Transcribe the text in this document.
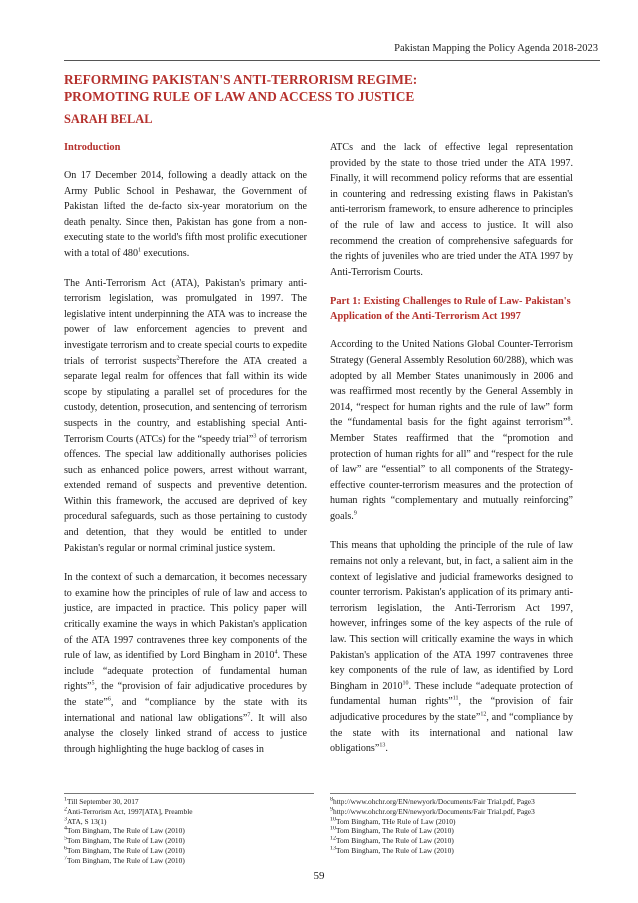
Pakistan Mapping the Policy Agenda 2018-2023
REFORMING PAKISTAN'S ANTI-TERRORISM REGIME:
PROMOTING RULE OF LAW AND ACCESS TO JUSTICE
SARAH BELAL
Introduction

On 17 December 2014, following a deadly attack on the Army Public School in Peshawar, the Government of Pakistan lifted the de-facto six-year moratorium on the death penalty. Since then, Pakistan has gone from a non-executing state to the world's fifth most prolific executioner with a total of $480^1$ executions.

The Anti-Terrorism Act (ATA), Pakistan's primary anti-terrorism legislation, was promulgated in 1997. The legislative intent underpinning the ATA was to increase the power of law enforcement agencies to prevent and investigate terrorism and to create special courts to expedite trials of terrorist suspects$^2$Therefore the ATA created a separate legal realm for offences that fall within its wide scope by stipulating a parallel set of procedures for the custody, detention, prosecution, and sentencing of terrorism suspects in the country, and establishing special Anti-Terrorism Courts (ATCs) for the “speedy trial”$^3$ of terrorism offences. The special law additionally authorises policies such as enhanced police powers, arrest without warrant, extended remand of suspects and preventive detention. Within this framework, the accused are deprived of key procedural safeguards, such as those pertaining to custody and detention, that they would be entitled to under Pakistan's regular or normal criminal justice system.

In the context of such a demarcation, it becomes necessary to examine how the principles of rule of law and access to justice, are impacted in practice. This policy paper will critically examine the ways in which Pakistan's application of the ATA 1997 contravenes three key components of the rule of law, as identified by Lord Bingham in 2010$^4$. These include “adequate protection of fundamental human rights”$^5$, the “provision of fair adjudicative procedures by the state”$^6$, and “compliance by the state with its international and national law obligations”$^7$. It will also analyse the closely linked strand of access to justice through highlighting the huge backlog of cases in

ATCs and the lack of effective legal representation provided by the state to those tried under the ATA 1997. Finally, it will recommend policy reforms that are essential in countering and redressing existing flaws in Pakistan's anti-terrorism framework, to ensure adherence to principles of the rule of law and access to justice. It will also recommend the creation of comprehensive safeguards for the rights of juveniles who are tried under the ATA 1997 by Anti-Terrorism Courts.

Part 1: Existing Challenges to Rule of Law- Pakistan's Application of the Anti-Terrorism Act 1997

According to the United Nations Global Counter-Terrorism Strategy (General Assembly Resolution 60/288), which was adopted by all Member States unanimously in 2006 and was reaffirmed most recently by the General Assembly in 2014, “respect for human rights and the rule of law” form the “fundamental basis for the fight against terrorism”$^8$. Member States reaffirmed that the “promotion and protection of human rights for all” and “respect for the rule of law” are “essential” to all components of the Strategy- effective counter-terrorism measures and the protection of human rights “complementary and mutually reinforcing” goals.$^9$

This means that upholding the principle of the rule of law remains not only a relevant, but, in fact, a salient aim in the context of legislative and judicial frameworks designed to counter terrorism. Pakistan's application of its primary anti-terrorism legislation, the Anti-Terrorism Act 1997, however, infringes some of the key aspects of the rule of law. This section will critically examine the ways in which Pakistan's application of the ATA 1997 contravenes three key components of the rule of law, as identified by Lord Bingham in 2010$^{10}$. These include “adequate protection of fundamental human rights”$^{11}$, the “provision of fair adjudicative procedures by the state”$^{12}$, and “compliance by the state with its international and national law obligations”$^{13}$.

$^1$Till September 30, 2017
$^2$Anti-Terrorism Act, 1997[ATA], Preamble
$^3$ATA, S 13(1)
$^4$Tom Bingham, The Rule of Law (2010)
$^5$Tom Bingham, The Rule of Law (2010)
$^6$Tom Bingham, The Rule of Law (2010)
$^7$Tom Bingham, The Rule of Law (2010)
$^8$http://www.ohchr.org/EN/newyork/Documents/Fair Trial.pdf, Page3
$^9$http://www.ohchr.org/EN/newyork/Documents/Fair Trial.pdf, Page3
$^{10}$Tom Bingham, THe Rule of Law (2010)
$^{10}$Tom Bingham, The Rule of Law (2010)
$^{12}$Tom Bingham, The Rule of Law (2010)
$^{13}$Tom Bingham, The Rule of Law (2010)
59
